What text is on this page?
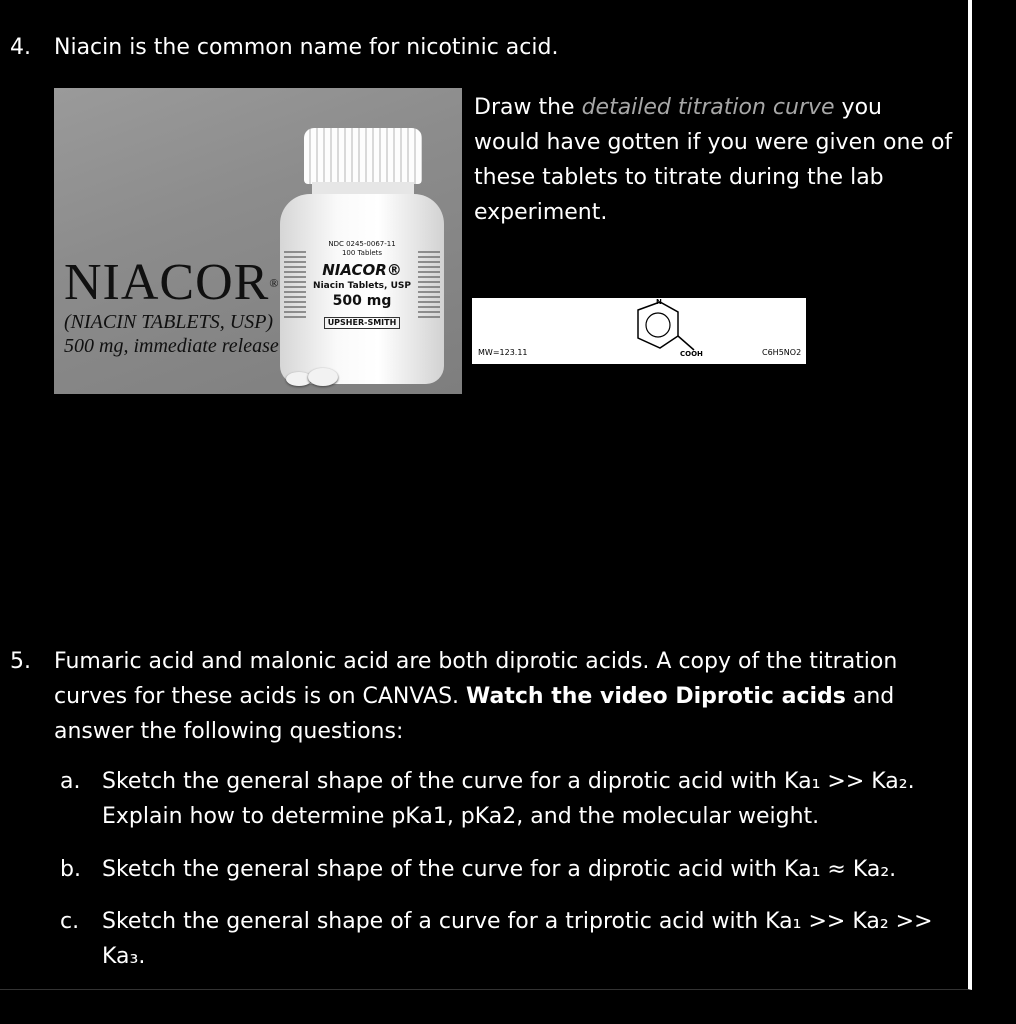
4. Niacin is the common name for nicotinic acid.
NIACOR®
(NIACIN TABLETS, USP)
500 mg, immediate release
NDC 0245-0067-11
100 Tablets
NIACOR®
Niacin Tablets, USP
500 mg
UPSHER-SMITH
Draw the detailed titration curve you would have gotten if you were given one of these tablets to titrate during the lab experiment.
N
MW=123.11	COOH	C6H5NO2
5. Fumaric acid and malonic acid are both diprotic acids. A copy of the titration curves for these acids is on CANVAS. Watch the video Diprotic acids and answer the following questions:
a. Sketch the general shape of the curve for a diprotic acid with Ka₁ >> Ka₂. Explain how to determine pKa1, pKa2, and the molecular weight.
b. Sketch the general shape of the curve for a diprotic acid with Ka₁ ≈ Ka₂.
c. Sketch the general shape of a curve for a triprotic acid with Ka₁ >> Ka₂ >> Ka₃.
